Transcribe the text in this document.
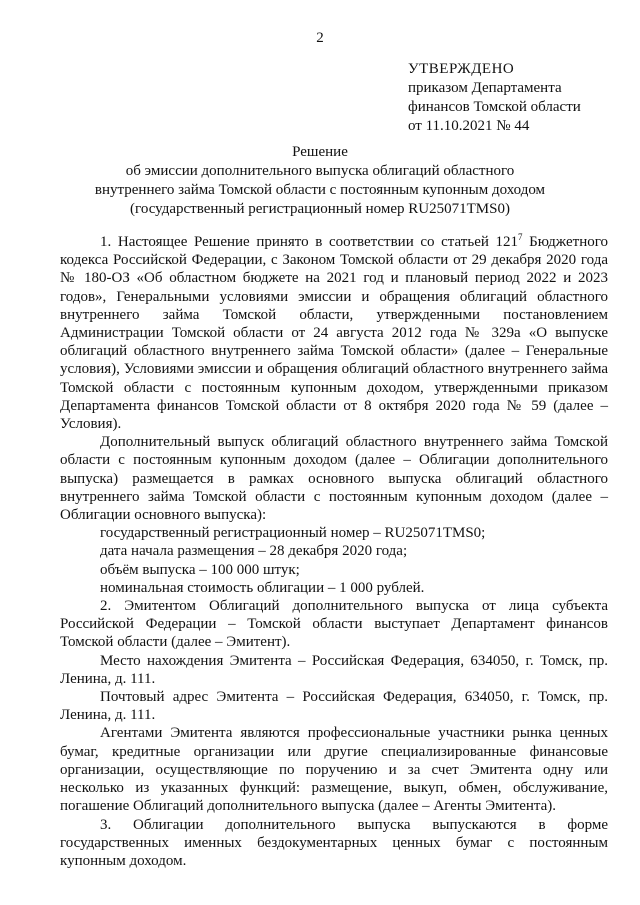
2
УТВЕРЖДЕНО
приказом Департамента
финансов Томской области
от 11.10.2021 № 44
Решение
об эмиссии дополнительного выпуска облигаций областного
внутреннего займа Томской области с постоянным купонным доходом
(государственный регистрационный номер RU25071TMS0)

1. Настоящее Решение принято в соответствии со статьей $121^7$ Бюджетного кодекса Российской Федерации, с Законом Томской области от 29 декабря 2020 года № 180-ОЗ «Об областном бюджете на 2021 год и плановый период 2022 и 2023 годов», Генеральными условиями эмиссии и обращения облигаций областного внутреннего займа Томской области, утвержденными постановлением Администрации Томской области от 24 августа 2012 года № 329а «О выпуске облигаций областного внутреннего займа Томской области» (далее – Генеральные условия), Условиями эмиссии и обращения облигаций областного внутреннего займа Томской области с постоянным купонным доходом, утвержденными приказом Департамента финансов Томской области от 8 октября 2020 года № 59 (далее – Условия).

Дополнительный выпуск облигаций областного внутреннего займа Томской области с постоянным купонным доходом (далее – Облигации дополнительного выпуска) размещается в рамках основного выпуска облигаций областного внутреннего займа Томской области с постоянным купонным доходом (далее – Облигации основного выпуска):

государственный регистрационный номер – RU25071TMS0;

дата начала размещения – 28 декабря 2020 года;

объём выпуска – 100 000 штук;

номинальная стоимость облигации – 1 000 рублей.

2. Эмитентом Облигаций дополнительного выпуска от лица субъекта Российской Федерации – Томской области выступает Департамент финансов Томской области (далее – Эмитент).

Место нахождения Эмитента – Российская Федерация, 634050, г. Томск, пр. Ленина, д. 111.

Почтовый адрес Эмитента – Российская Федерация, 634050, г. Томск, пр. Ленина, д. 111.

Агентами Эмитента являются профессиональные участники рынка ценных бумаг, кредитные организации или другие специализированные финансовые организации, осуществляющие по поручению и за счет Эмитента одну или несколько из указанных функций: размещение, выкуп, обмен, обслуживание, погашение Облигаций дополнительного выпуска (далее – Агенты Эмитента).

3. Облигации дополнительного выпуска выпускаются в форме государственных именных бездокументарных ценных бумаг с постоянным купонным доходом.
